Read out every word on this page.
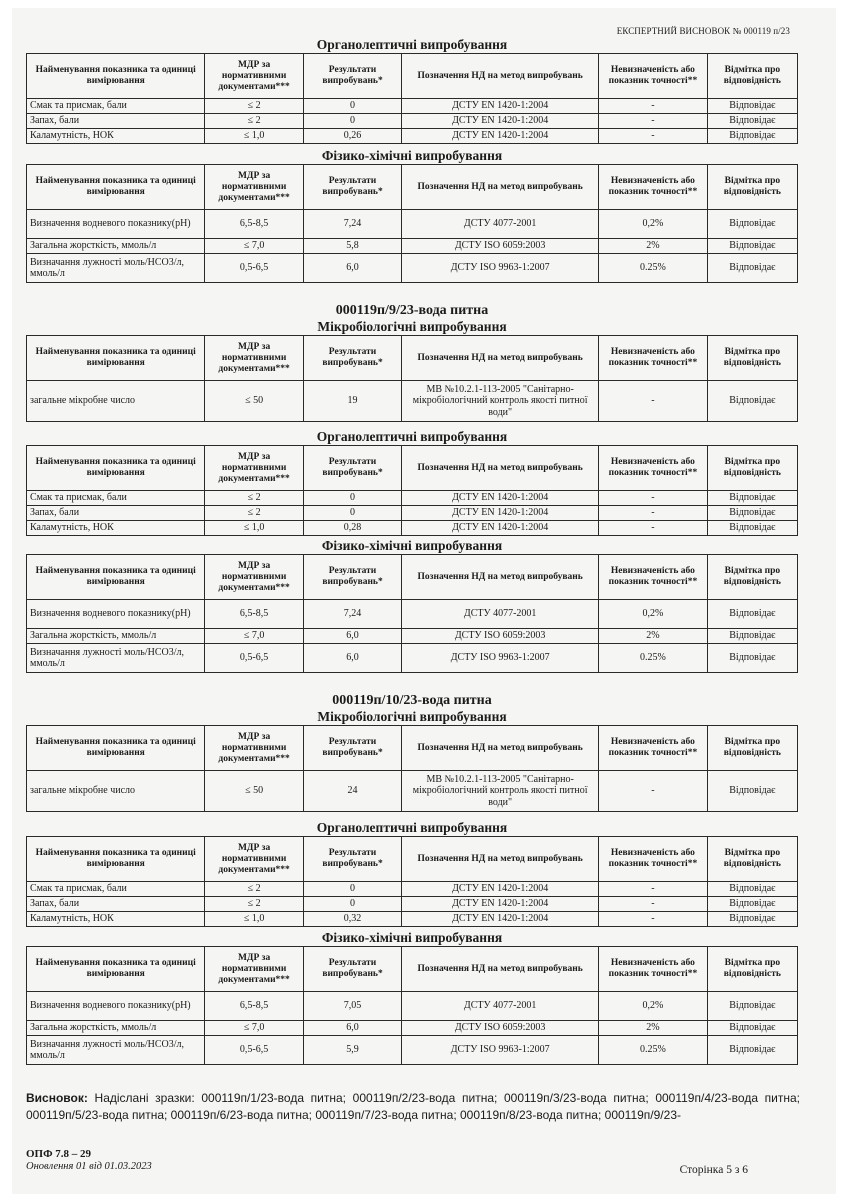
ЕКСПЕРТНИЙ ВИСНОВОК № 000119 п/23
Органолептичні випробування
Найменування показника та одиниці вимірювання	МДР за нормативними документами***	Результати випробувань*	Позначення НД на метод випробувань	Невизначеність або показник точності**	Відмітка про відповідність
Смак та присмак, бали	≤ 2	0	ДСТУ EN 1420-1:2004	-	Відповідає
Запах, бали	≤ 2	0	ДСТУ EN 1420-1:2004	-	Відповідає
Каламутність, НОК	≤ 1,0	0,26	ДСТУ EN 1420-1:2004	-	Відповідає
Фізико-хімічні випробування
Найменування показника та одиниці вимірювання	МДР за нормативними документами***	Результати випробувань*	Позначення НД на метод випробувань	Невизначеність або показник точності**	Відмітка про відповідність
Визначення водневого показнику(pH)	6,5-8,5	7,24	ДСТУ 4077-2001	0,2%	Відповідає
Загальна жорсткість, ммоль/л	≤ 7,0	5,8	ДСТУ ISO 6059:2003	2%	Відповідає
Визначання лужності моль/НСО3/л, ммоль/л	0,5-6,5	6,0	ДСТУ ISO 9963-1:2007	0.25%	Відповідає
000119п/9/23-вода питна
Мікробіологічні випробування
Найменування показника та одиниці вимірювання	МДР за нормативними документами***	Результати випробувань*	Позначення НД на метод випробувань	Невизначеність або показник точності**	Відмітка про відповідність
загальне мікробне число	≤ 50	19	МВ №10.2.1-113-2005 "Санітарно-мікробіологічний контроль якості питної води"	-	Відповідає
Органолептичні випробування
Найменування показника та одиниці вимірювання	МДР за нормативними документами***	Результати випробувань*	Позначення НД на метод випробувань	Невизначеність або показник точності**	Відмітка про відповідність
Смак та присмак, бали	≤ 2	0	ДСТУ EN 1420-1:2004	-	Відповідає
Запах, бали	≤ 2	0	ДСТУ EN 1420-1:2004	-	Відповідає
Каламутність, НОК	≤ 1,0	0,28	ДСТУ EN 1420-1:2004	-	Відповідає
Фізико-хімічні випробування
Найменування показника та одиниці вимірювання	МДР за нормативними документами***	Результати випробувань*	Позначення НД на метод випробувань	Невизначеність або показник точності**	Відмітка про відповідність
Визначення водневого показнику(pH)	6,5-8,5	7,24	ДСТУ 4077-2001	0,2%	Відповідає
Загальна жорсткість, ммоль/л	≤ 7,0	6,0	ДСТУ ISO 6059:2003	2%	Відповідає
Визначання лужності моль/НСО3/л, ммоль/л	0,5-6,5	6,0	ДСТУ ISO 9963-1:2007	0.25%	Відповідає
000119п/10/23-вода питна
Мікробіологічні випробування
Найменування показника та одиниці вимірювання	МДР за нормативними документами***	Результати випробувань*	Позначення НД на метод випробувань	Невизначеність або показник точності**	Відмітка про відповідність
загальне мікробне число	≤ 50	24	МВ №10.2.1-113-2005 "Санітарно-мікробіологічний контроль якості питної води"	-	Відповідає
Органолептичні випробування
Найменування показника та одиниці вимірювання	МДР за нормативними документами***	Результати випробувань*	Позначення НД на метод випробувань	Невизначеність або показник точності**	Відмітка про відповідність
Смак та присмак, бали	≤ 2	0	ДСТУ EN 1420-1:2004	-	Відповідає
Запах, бали	≤ 2	0	ДСТУ EN 1420-1:2004	-	Відповідає
Каламутність, НОК	≤ 1,0	0,32	ДСТУ EN 1420-1:2004	-	Відповідає
Фізико-хімічні випробування
Найменування показника та одиниці вимірювання	МДР за нормативними документами***	Результати випробувань*	Позначення НД на метод випробувань	Невизначеність або показник точності**	Відмітка про відповідність
Визначення водневого показнику(pH)	6,5-8,5	7,05	ДСТУ 4077-2001	0,2%	Відповідає
Загальна жорсткість, ммоль/л	≤ 7,0	6,0	ДСТУ ISO 6059:2003	2%	Відповідає
Визначання лужності моль/НСО3/л, ммоль/л	0,5-6,5	5,9	ДСТУ ISO 9963-1:2007	0.25%	Відповідає
Висновок: Надіслані зразки: 000119п/1/23-вода питна; 000119п/2/23-вода питна; 000119п/3/23-вода питна; 000119п/4/23-вода питна; 000119п/5/23-вода питна; 000119п/6/23-вода питна; 000119п/7/23-вода питна; 000119п/8/23-вода питна; 000119п/9/23-
ОПФ 7.8 – 29
Оновлення 01 від 01.03.2023	Сторінка 5 з 6
